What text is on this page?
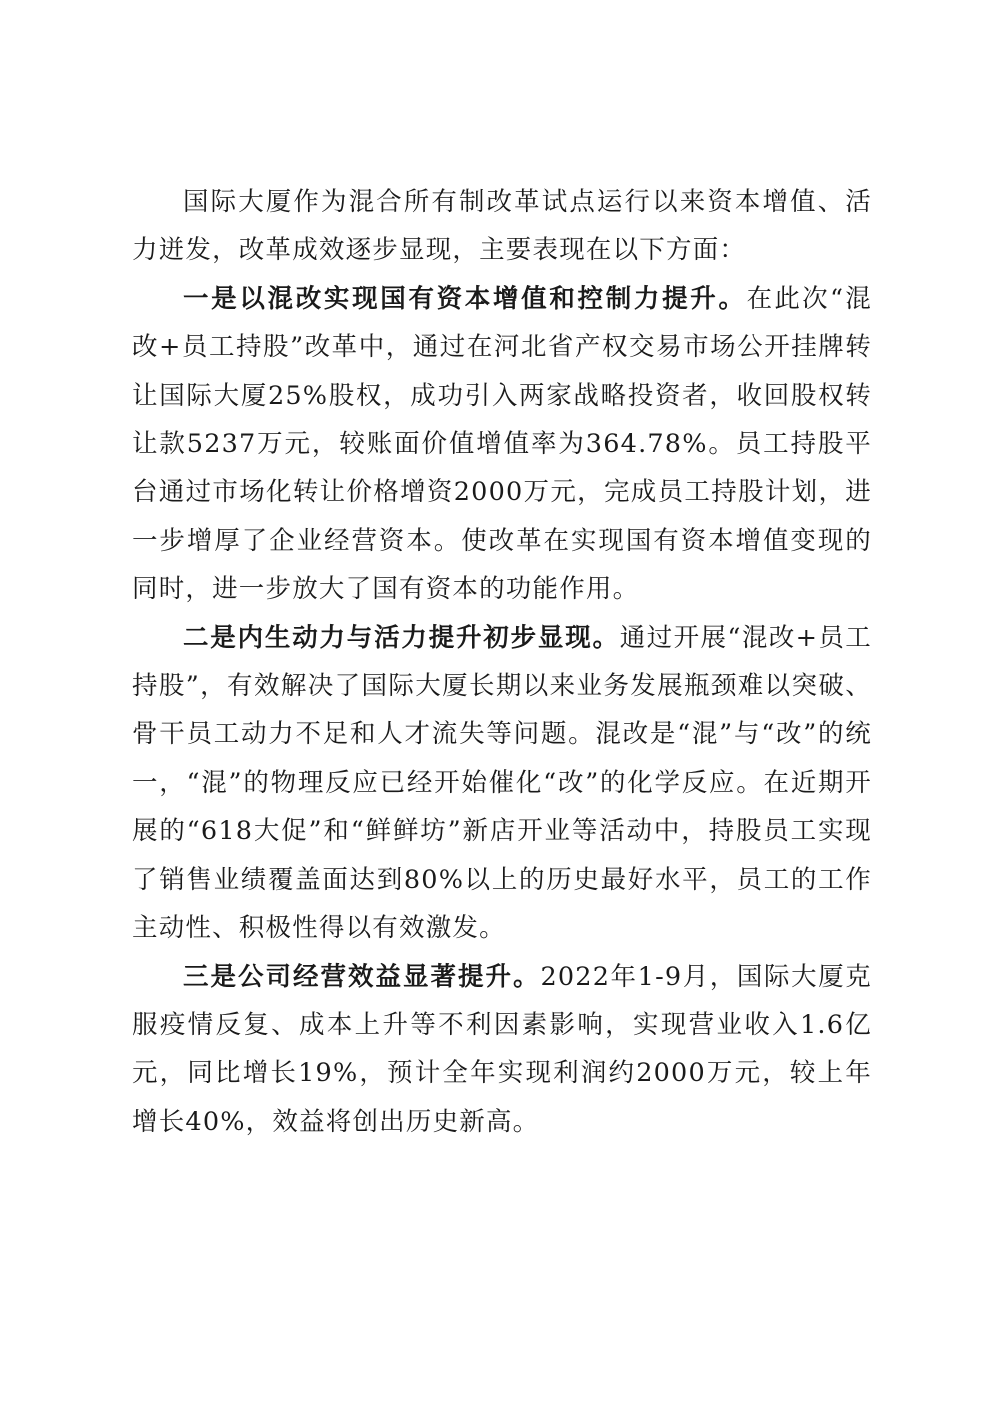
国际大厦作为混合所有制改革试点运行以来资本增值、活力迸发，改革成效逐步显现，主要表现在以下方面：

一是以混改实现国有资本增值和控制力提升。在此次“混改+员工持股”改革中，通过在河北省产权交易市场公开挂牌转让国际大厦25%股权，成功引入两家战略投资者，收回股权转让款5237万元，较账面价值增值率为364.78%。员工持股平台通过市场化转让价格增资2000万元，完成员工持股计划，进一步增厚了企业经营资本。使改革在实现国有资本增值变现的同时，进一步放大了国有资本的功能作用。

二是内生动力与活力提升初步显现。通过开展“混改+员工持股”，有效解决了国际大厦长期以来业务发展瓶颈难以突破、骨干员工动力不足和人才流失等问题。混改是“混”与“改”的统一，“混”的物理反应已经开始催化“改”的化学反应。在近期开展的“618大促”和“鲜鲜坊”新店开业等活动中，持股员工实现了销售业绩覆盖面达到80%以上的历史最好水平，员工的工作主动性、积极性得以有效激发。

三是公司经营效益显著提升。2022年1-9月，国际大厦克服疫情反复、成本上升等不利因素影响，实现营业收入1.6亿元，同比增长19%，预计全年实现利润约2000万元，较上年增长40%，效益将创出历史新高。
